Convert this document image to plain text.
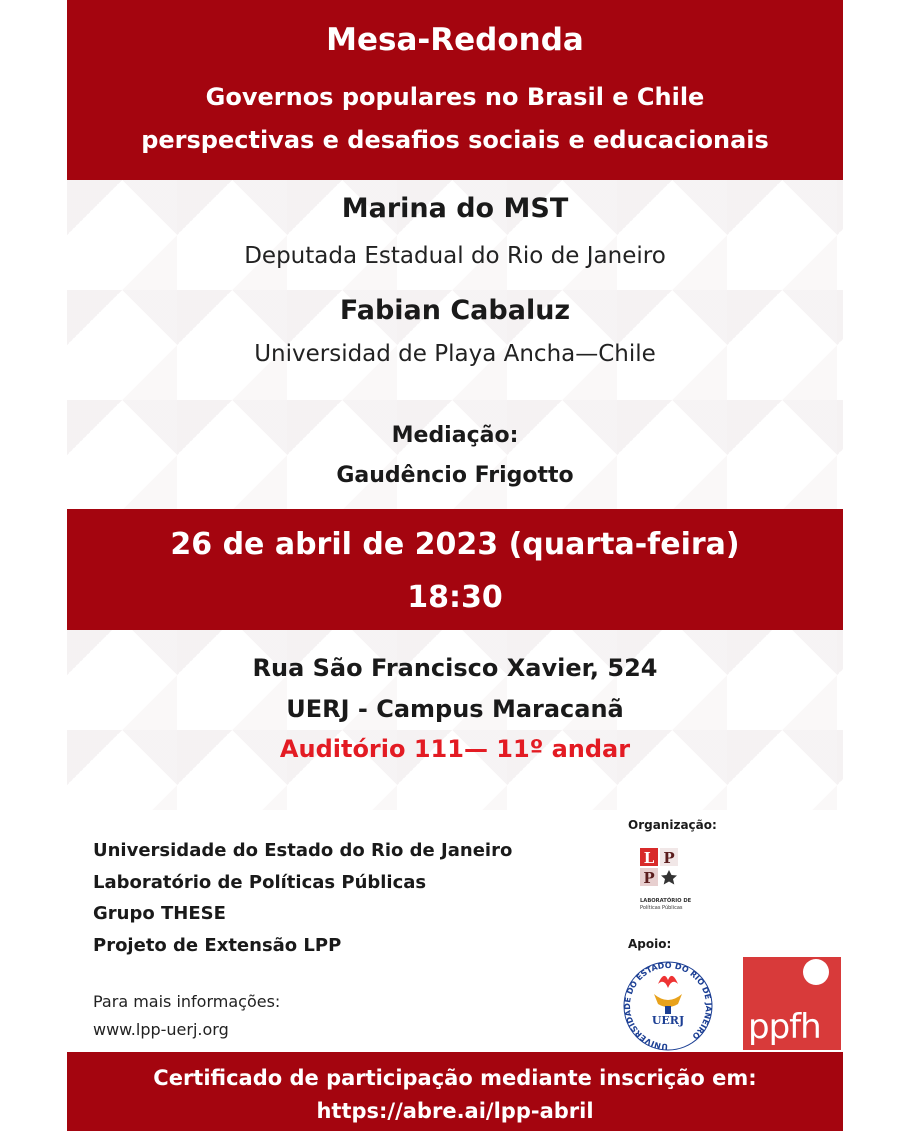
Mesa-Redonda
Governos populares no Brasil e Chile
perspectivas e desafios sociais e educacionais
Marina do MST
Deputada Estadual do Rio de Janeiro
Fabian Cabaluz
Universidad de Playa Ancha—Chile
Mediação:
Gaudêncio Frigotto
26 de abril de 2023 (quarta-feira)
18:30
Rua São Francisco Xavier, 524
UERJ - Campus Maracanã
Auditório 111— 11º andar
Universidade do Estado do Rio de Janeiro
Laboratório de Políticas Públicas
Grupo THESE
Projeto de Extensão LPP
Para mais informações:
www.lpp-uerj.org
Organização:
L P
P
LABORATÓRIO DE
Políticas Públicas
Apoio:
UNIVERSIDADE DO ESTADO DO RIO DE JANEIRO
UERJ ppfh
Certificado de participação mediante inscrição em:
https://abre.ai/lpp-abril
